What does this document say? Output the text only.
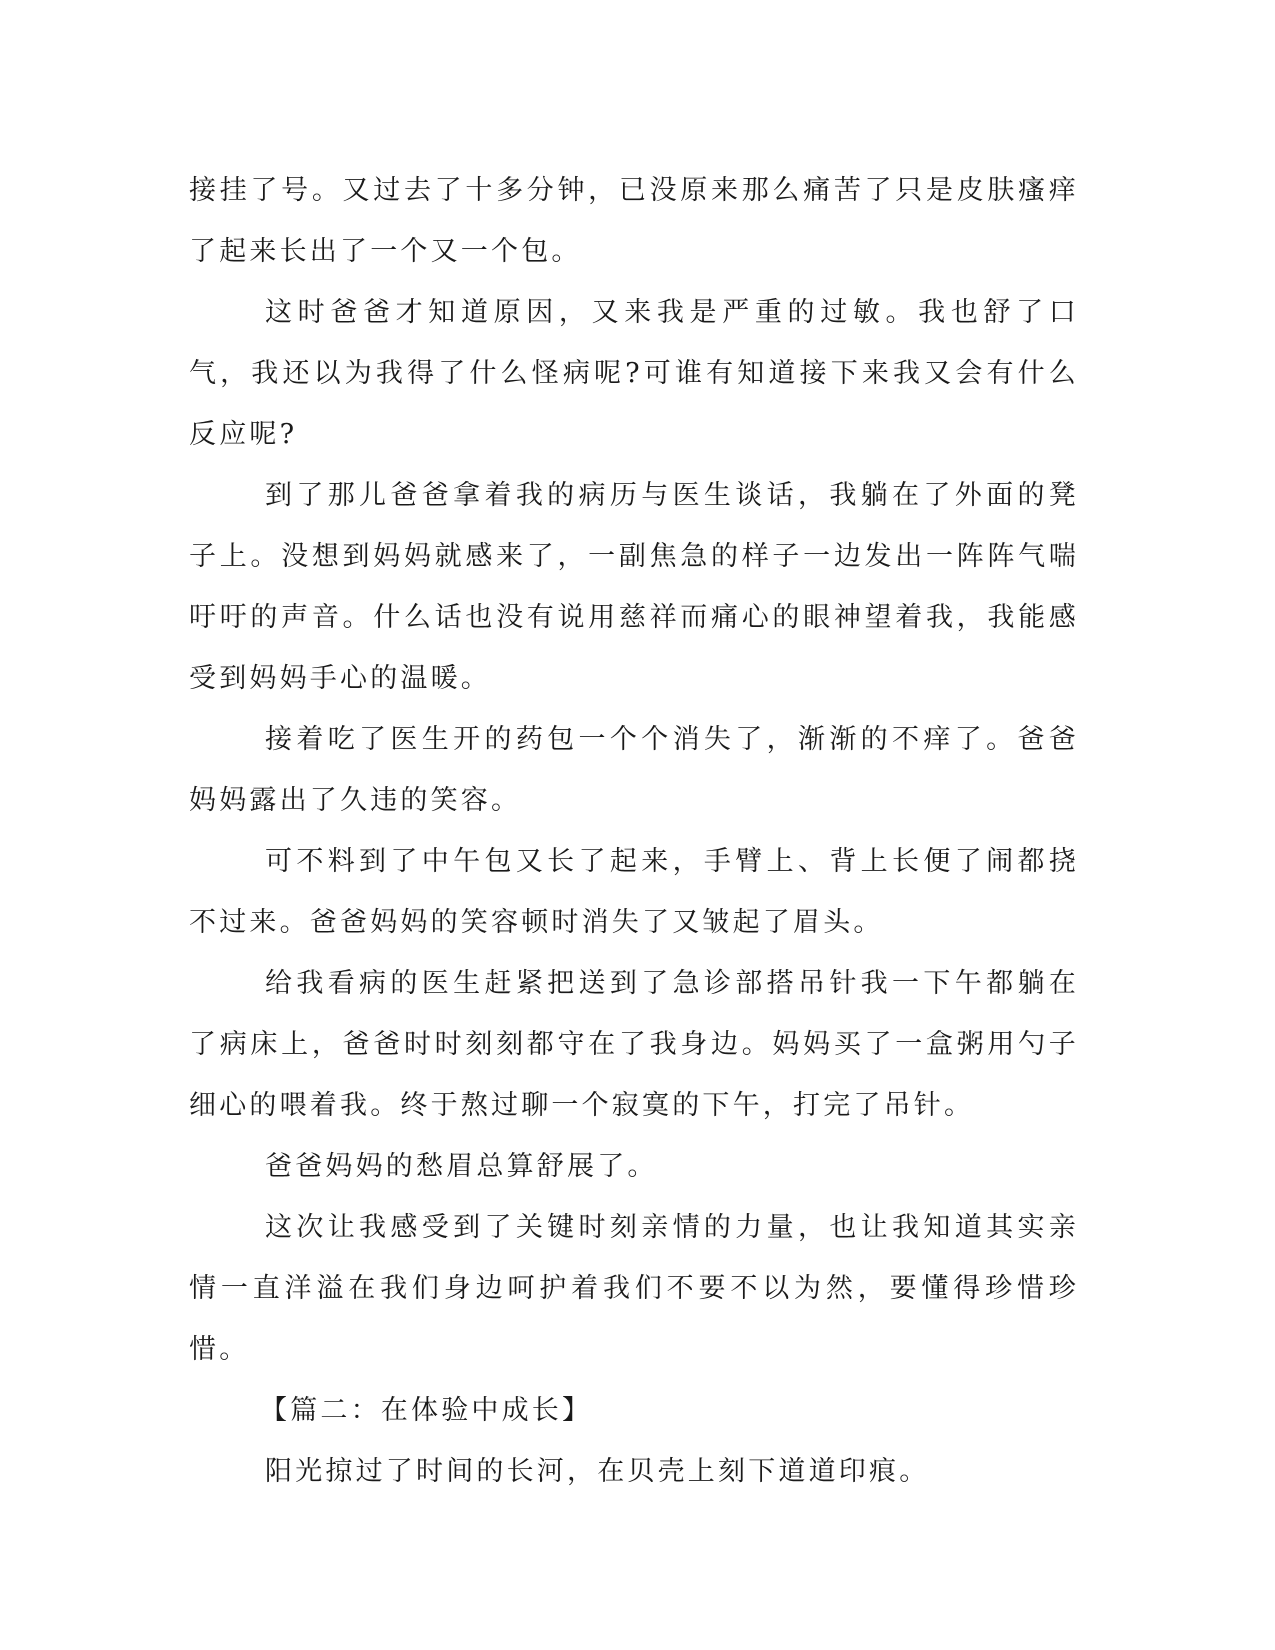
接挂了号。又过去了十多分钟，已没原来那么痛苦了只是皮肤瘙痒了起来长出了一个又一个包。

这时爸爸才知道原因，又来我是严重的过敏。我也舒了口气，我还以为我得了什么怪病呢?可谁有知道接下来我又会有什么反应呢?

到了那儿爸爸拿着我的病历与医生谈话，我躺在了外面的凳子上。没想到妈妈就感来了，一副焦急的样子一边发出一阵阵气喘吁吁的声音。什么话也没有说用慈祥而痛心的眼神望着我，我能感受到妈妈手心的温暖。

接着吃了医生开的药包一个个消失了，渐渐的不痒了。爸爸妈妈露出了久违的笑容。

可不料到了中午包又长了起来，手臂上、背上长便了闹都挠不过来。爸爸妈妈的笑容顿时消失了又皱起了眉头。

给我看病的医生赶紧把送到了急诊部搭吊针我一下午都躺在了病床上，爸爸时时刻刻都守在了我身边。妈妈买了一盒粥用勺子细心的喂着我。终于熬过聊一个寂寞的下午，打完了吊针。

爸爸妈妈的愁眉总算舒展了。

这次让我感受到了关键时刻亲情的力量，也让我知道其实亲情一直洋溢在我们身边呵护着我们不要不以为然，要懂得珍惜珍惜。

【篇二：在体验中成长】

阳光掠过了时间的长河，在贝壳上刻下道道印痕。
